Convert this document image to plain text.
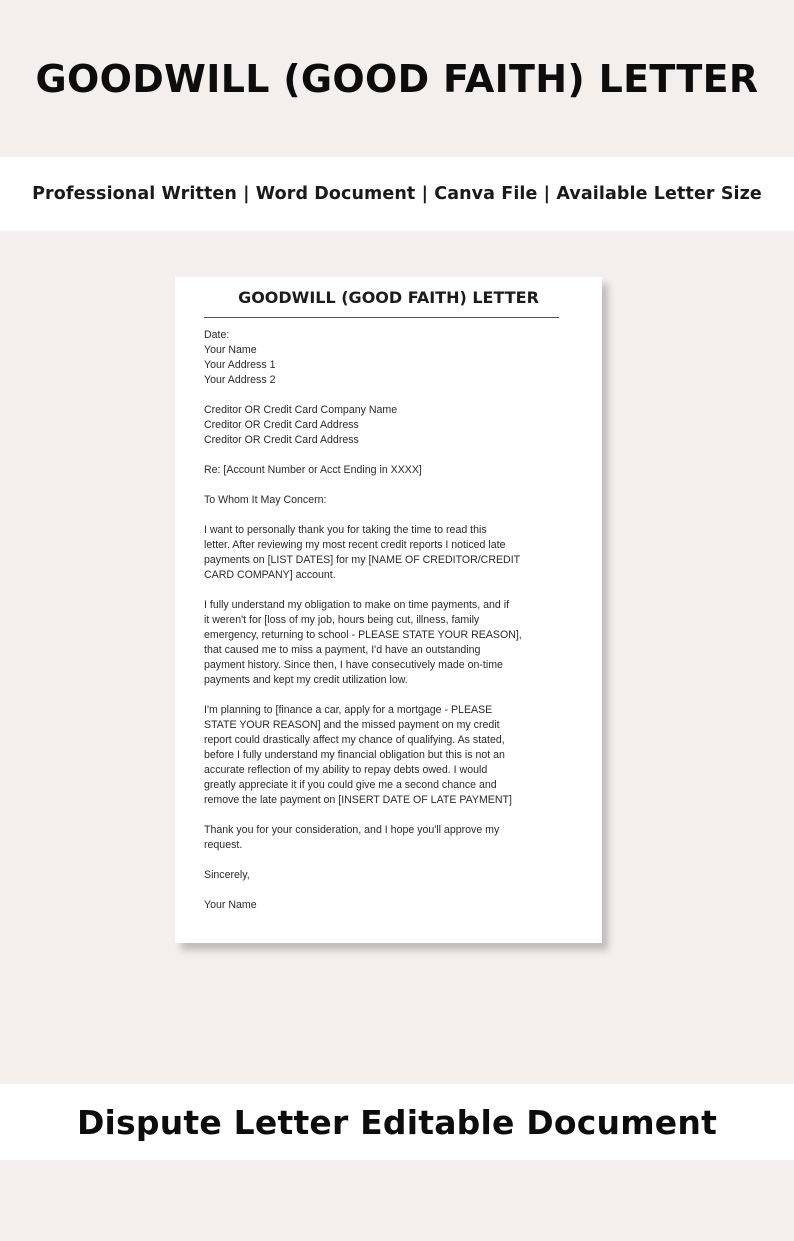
GOODWILL (GOOD FAITH) LETTER
Professional Written | Word Document | Canva File | Available Letter Size
GOODWILL (GOOD FAITH) LETTER
Date:
Your Name
Your Address 1
Your Address 2
Creditor OR Credit Card Company Name
Creditor OR Credit Card Address
Creditor OR Credit Card Address
Re: [Account Number or Acct Ending in XXXX]
To Whom It May Concern:
I want to personally thank you for taking the time to read this
letter. After reviewing my most recent credit reports I noticed late
payments on [LIST DATES] for my [NAME OF CREDITOR/CREDIT
CARD COMPANY] account.
I fully understand my obligation to make on time payments, and if
it weren't for [loss of my job, hours being cut, illness, family
emergency, returning to school - PLEASE STATE YOUR REASON],
that caused me to miss a payment, I'd have an outstanding
payment history. Since then, I have consecutively made on-time
payments and kept my credit utilization low.
I'm planning to [finance a car, apply for a mortgage - PLEASE
STATE YOUR REASON] and the missed payment on my credit
report could drastically affect my chance of qualifying. As stated,
before I fully understand my financial obligation but this is not an
accurate reflection of my ability to repay debts owed. I would
greatly appreciate it if you could give me a second chance and
remove the late payment on [INSERT DATE OF LATE PAYMENT]
Thank you for your consideration, and I hope you'll approve my
request.
Sincerely,
Your Name
Dispute Letter Editable Document
